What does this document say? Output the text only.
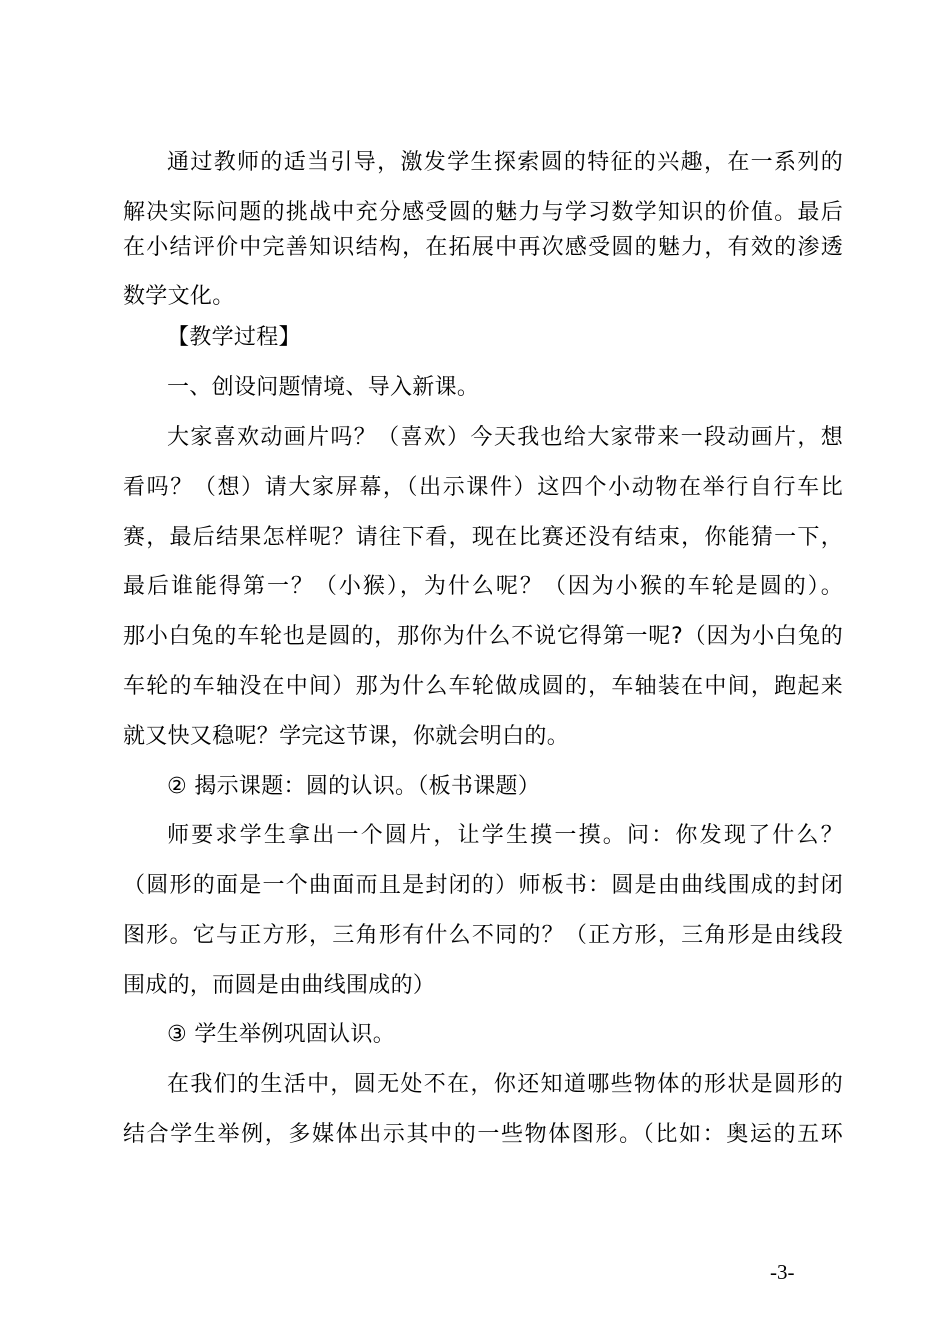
通过教师的适当引导，激发学生探索圆的特征的兴趣，在一系列的
解决实际问题的挑战中充分感受圆的魅力与学习数学知识的价值。最后
在小结评价中完善知识结构，在拓展中再次感受圆的魅力，有效的渗透
数学文化。
【教学过程】
一、创设问题情境、导入新课。
大家喜欢动画片吗？（喜欢）今天我也给大家带来一段动画片，想
看吗？（想）请大家屏幕，（出示课件）这四个小动物在举行自行车比
赛，最后结果怎样呢？请往下看，现在比赛还没有结束，你能猜一下，
最后谁能得第一？（小猴），为什么呢？（因为小猴的车轮是圆的）。
那小白兔的车轮也是圆的，那你为什么不说它得第一呢?（因为小白兔的
车轮的车轴没在中间）那为什么车轮做成圆的，车轴装在中间，跑起来
就又快又稳呢？学完这节课，你就会明白的。
② 揭示课题：圆的认识。（板书课题）
师要求学生拿出一个圆片，让学生摸一摸。问：你发现了什么？
（圆形的面是一个曲面而且是封闭的）师板书：圆是由曲线围成的封闭
图形。它与正方形，三角形有什么不同的？（正方形，三角形是由线段
围成的，而圆是由曲线围成的）
③ 学生举例巩固认识。
在我们的生活中，圆无处不在，你还知道哪些物体的形状是圆形的
结合学生举例，多媒体出示其中的一些物体图形。（比如：奥运的五环
-3-
